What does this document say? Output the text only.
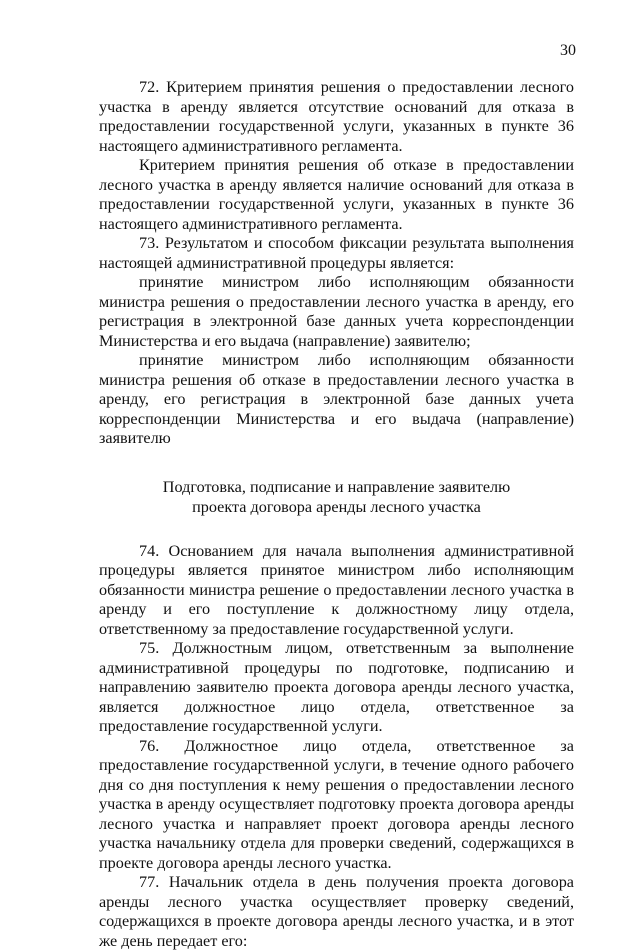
30

72. Критерием принятия решения о предоставлении лесного участка в аренду является отсутствие оснований для отказа в предоставлении государственной услуги, указанных в пункте 36 настоящего административного регламента.

Критерием принятия решения об отказе в предоставлении лесного участка в аренду является наличие оснований для отказа в предоставлении государственной услуги, указанных в пункте 36 настоящего административного регламента.

73. Результатом и способом фиксации результата выполнения настоящей административной процедуры является:

принятие министром либо исполняющим обязанности министра решения о предоставлении лесного участка в аренду, его регистрация в электронной базе данных учета корреспонденции Министерства и его выдача (направление) заявителю;

принятие министром либо исполняющим обязанности министра решения об отказе в предоставлении лесного участка в аренду, его регистрация в электронной базе данных учета корреспонденции Министерства и его выдача (направление) заявителю

Подготовка, подписание и направление заявителю
проекта договора аренды лесного участка

74. Основанием для начала выполнения административной процедуры является принятое министром либо исполняющим обязанности министра решение о предоставлении лесного участка в аренду и его поступление к должностному лицу отдела, ответственному за предоставление государственной услуги.

75. Должностным лицом, ответственным за выполнение административной процедуры по подготовке, подписанию и направлению заявителю проекта договора аренды лесного участка, является должностное лицо отдела, ответственное за предоставление государственной услуги.

76. Должностное лицо отдела, ответственное за предоставление государственной услуги, в течение одного рабочего дня со дня поступления к нему решения о предоставлении лесного участка в аренду осуществляет подготовку проекта договора аренды лесного участка и направляет проект договора аренды лесного участка начальнику отдела для проверки сведений, содержащихся в проекте договора аренды лесного участка.

77. Начальник отдела в день получения проекта договора аренды лесного участка осуществляет проверку сведений, содержащихся в проекте договора аренды лесного участка, и в этот же день передает его:
